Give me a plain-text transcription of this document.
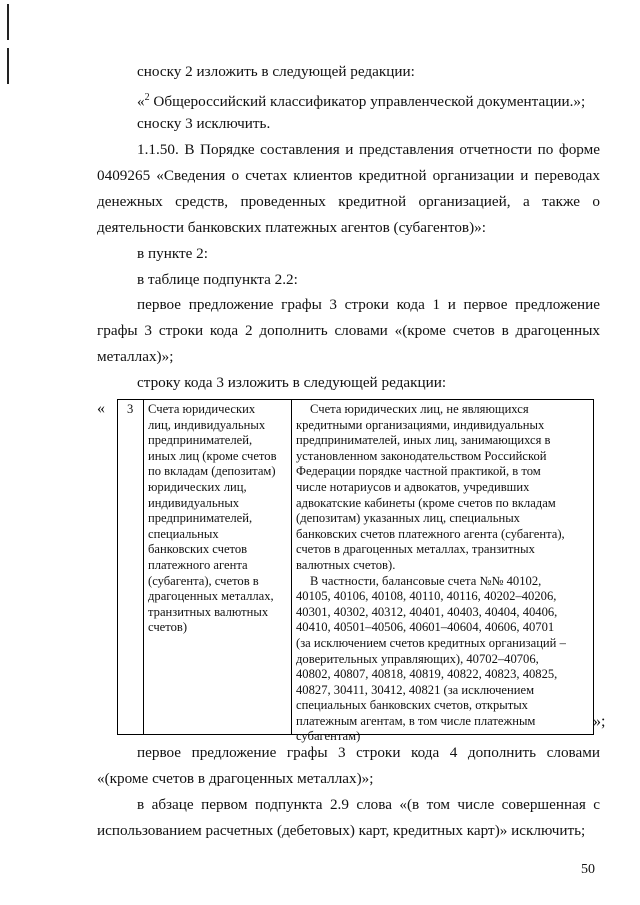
сноску 2 изложить в следующей редакции:
«$^2$ Общероссийский классификатор управленческой документации.»;
сноску 3 исключить.
1.1.50. В Порядке составления и представления отчетности по форме
0409265 «Сведения о счетах клиентов кредитной организации и переводах
денежных средств, проведенных кредитной организацией, а также о
деятельности банковских платежных агентов (субагентов)»:
в пункте 2:
в таблице подпункта 2.2:
первое предложение графы 3 строки кода 1 и первое предложение
графы 3 строки кода 2 дополнить словами «(кроме счетов в драгоценных
металлах)»;
строку кода 3 изложить в следующей редакции:
« 3 Счета юридических
лиц, индивидуальных
предпринимателей,
иных лиц (кроме счетов
по вкладам (депозитам)
юридических лиц,
индивидуальных
предпринимателей,
специальных
банковских счетов
платежного агента
(субагента), счетов в
драгоценных металлах,
транзитных валютных
счетов)

Счета юридических лиц, не являющихся
кредитными организациями, индивидуальных
предпринимателей, иных лиц, занимающихся в
установленном законодательством Российской
Федерации порядке частной практикой, в том
числе нотариусов и адвокатов, учредивших
адвокатские кабинеты (кроме счетов по вкладам
(депозитам) указанных лиц, специальных
банковских счетов платежного агента (субагента),
счетов в драгоценных металлах, транзитных
валютных счетов).

В частности, балансовые счета №№ 40102,
40105, 40106, 40108, 40110, 40116, 40202–40206,
40301, 40302, 40312, 40401, 40403, 40404, 40406,
40410, 40501–40506, 40601–40604, 40606, 40701
(за исключением счетов кредитных организаций –
доверительных управляющих), 40702–40706,
40802, 40807, 40818, 40819, 40822, 40823, 40825,
40827, 30411, 30412, 40821 (за исключением
специальных банковских счетов, открытых
платежным агентам, в том числе платежным
субагентам)

»;
первое предложение графы 3 строки кода 4 дополнить словами
«(кроме счетов в драгоценных металлах)»;
в абзаце первом подпункта 2.9 слова «(в том числе совершенная с
использованием расчетных (дебетовых) карт, кредитных карт)» исключить;
50
